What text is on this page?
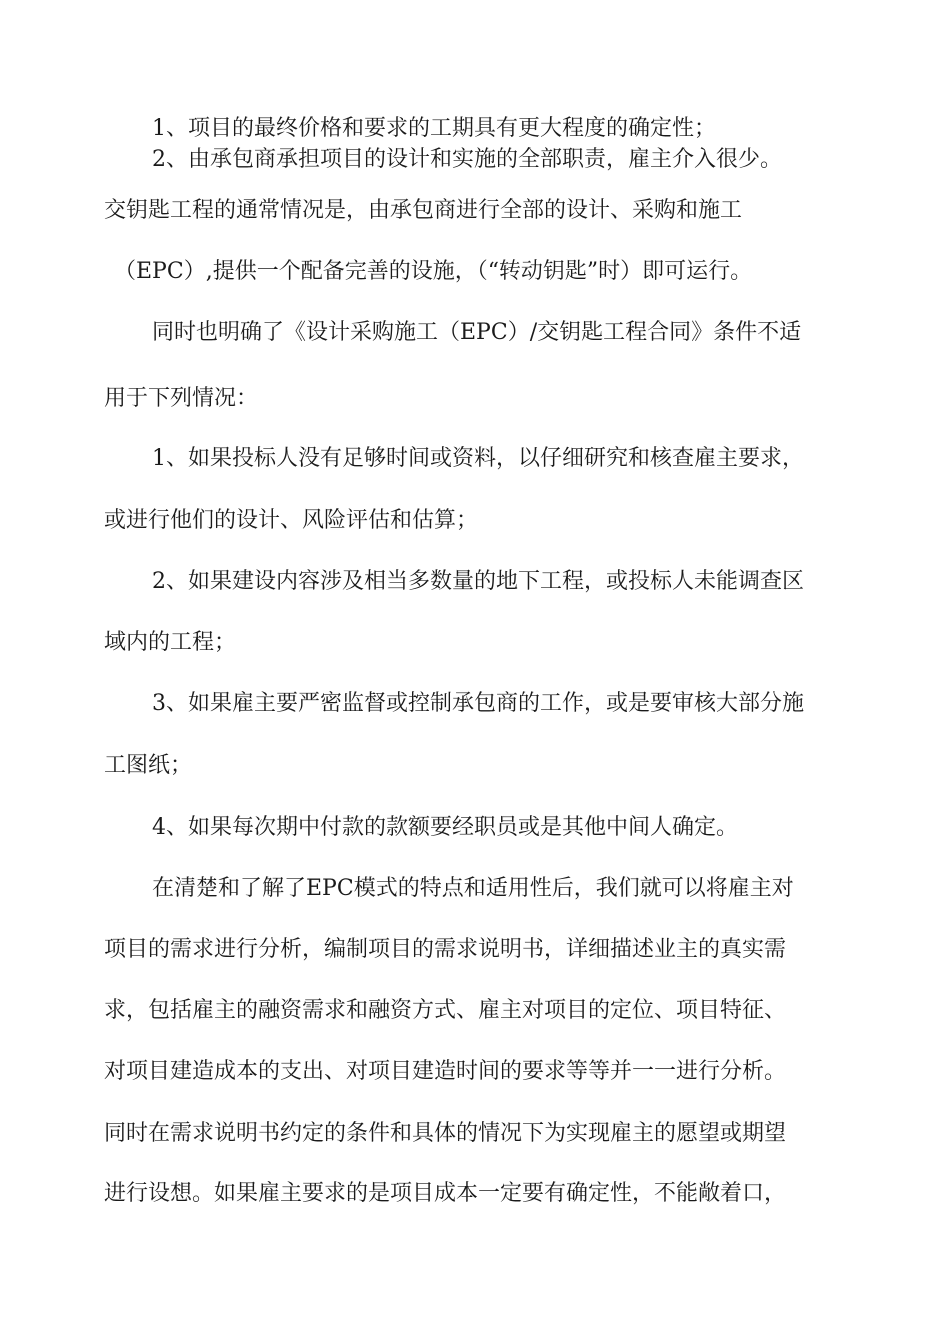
1、项目的最终价格和要求的工期具有更大程度的确定性；

2、由承包商承担项目的设计和实施的全部职责，雇主介入很少。

交钥匙工程的通常情况是，由承包商进行全部的设计、采购和施工

（EPC）,提供一个配备完善的设施，（“转动钥匙”时）即可运行。

同时也明确了《设计采购施工（EPC）/交钥匙工程合同》条件不适

用于下列情况：

1、如果投标人没有足够时间或资料，以仔细研究和核查雇主要求，

或进行他们的设计、风险评估和估算；

2、如果建设内容涉及相当多数量的地下工程，或投标人未能调查区

域内的工程；

3、如果雇主要严密监督或控制承包商的工作，或是要审核大部分施

工图纸；

4、如果每次期中付款的款额要经职员或是其他中间人确定。

在清楚和了解了EPC模式的特点和适用性后，我们就可以将雇主对

项目的需求进行分析，编制项目的需求说明书，详细描述业主的真实需

求，包括雇主的融资需求和融资方式、雇主对项目的定位、项目特征、

对项目建造成本的支出、对项目建造时间的要求等等并一一进行分析。

同时在需求说明书约定的条件和具体的情况下为实现雇主的愿望或期望

进行设想。如果雇主要求的是项目成本一定要有确定性，不能敞着口，
